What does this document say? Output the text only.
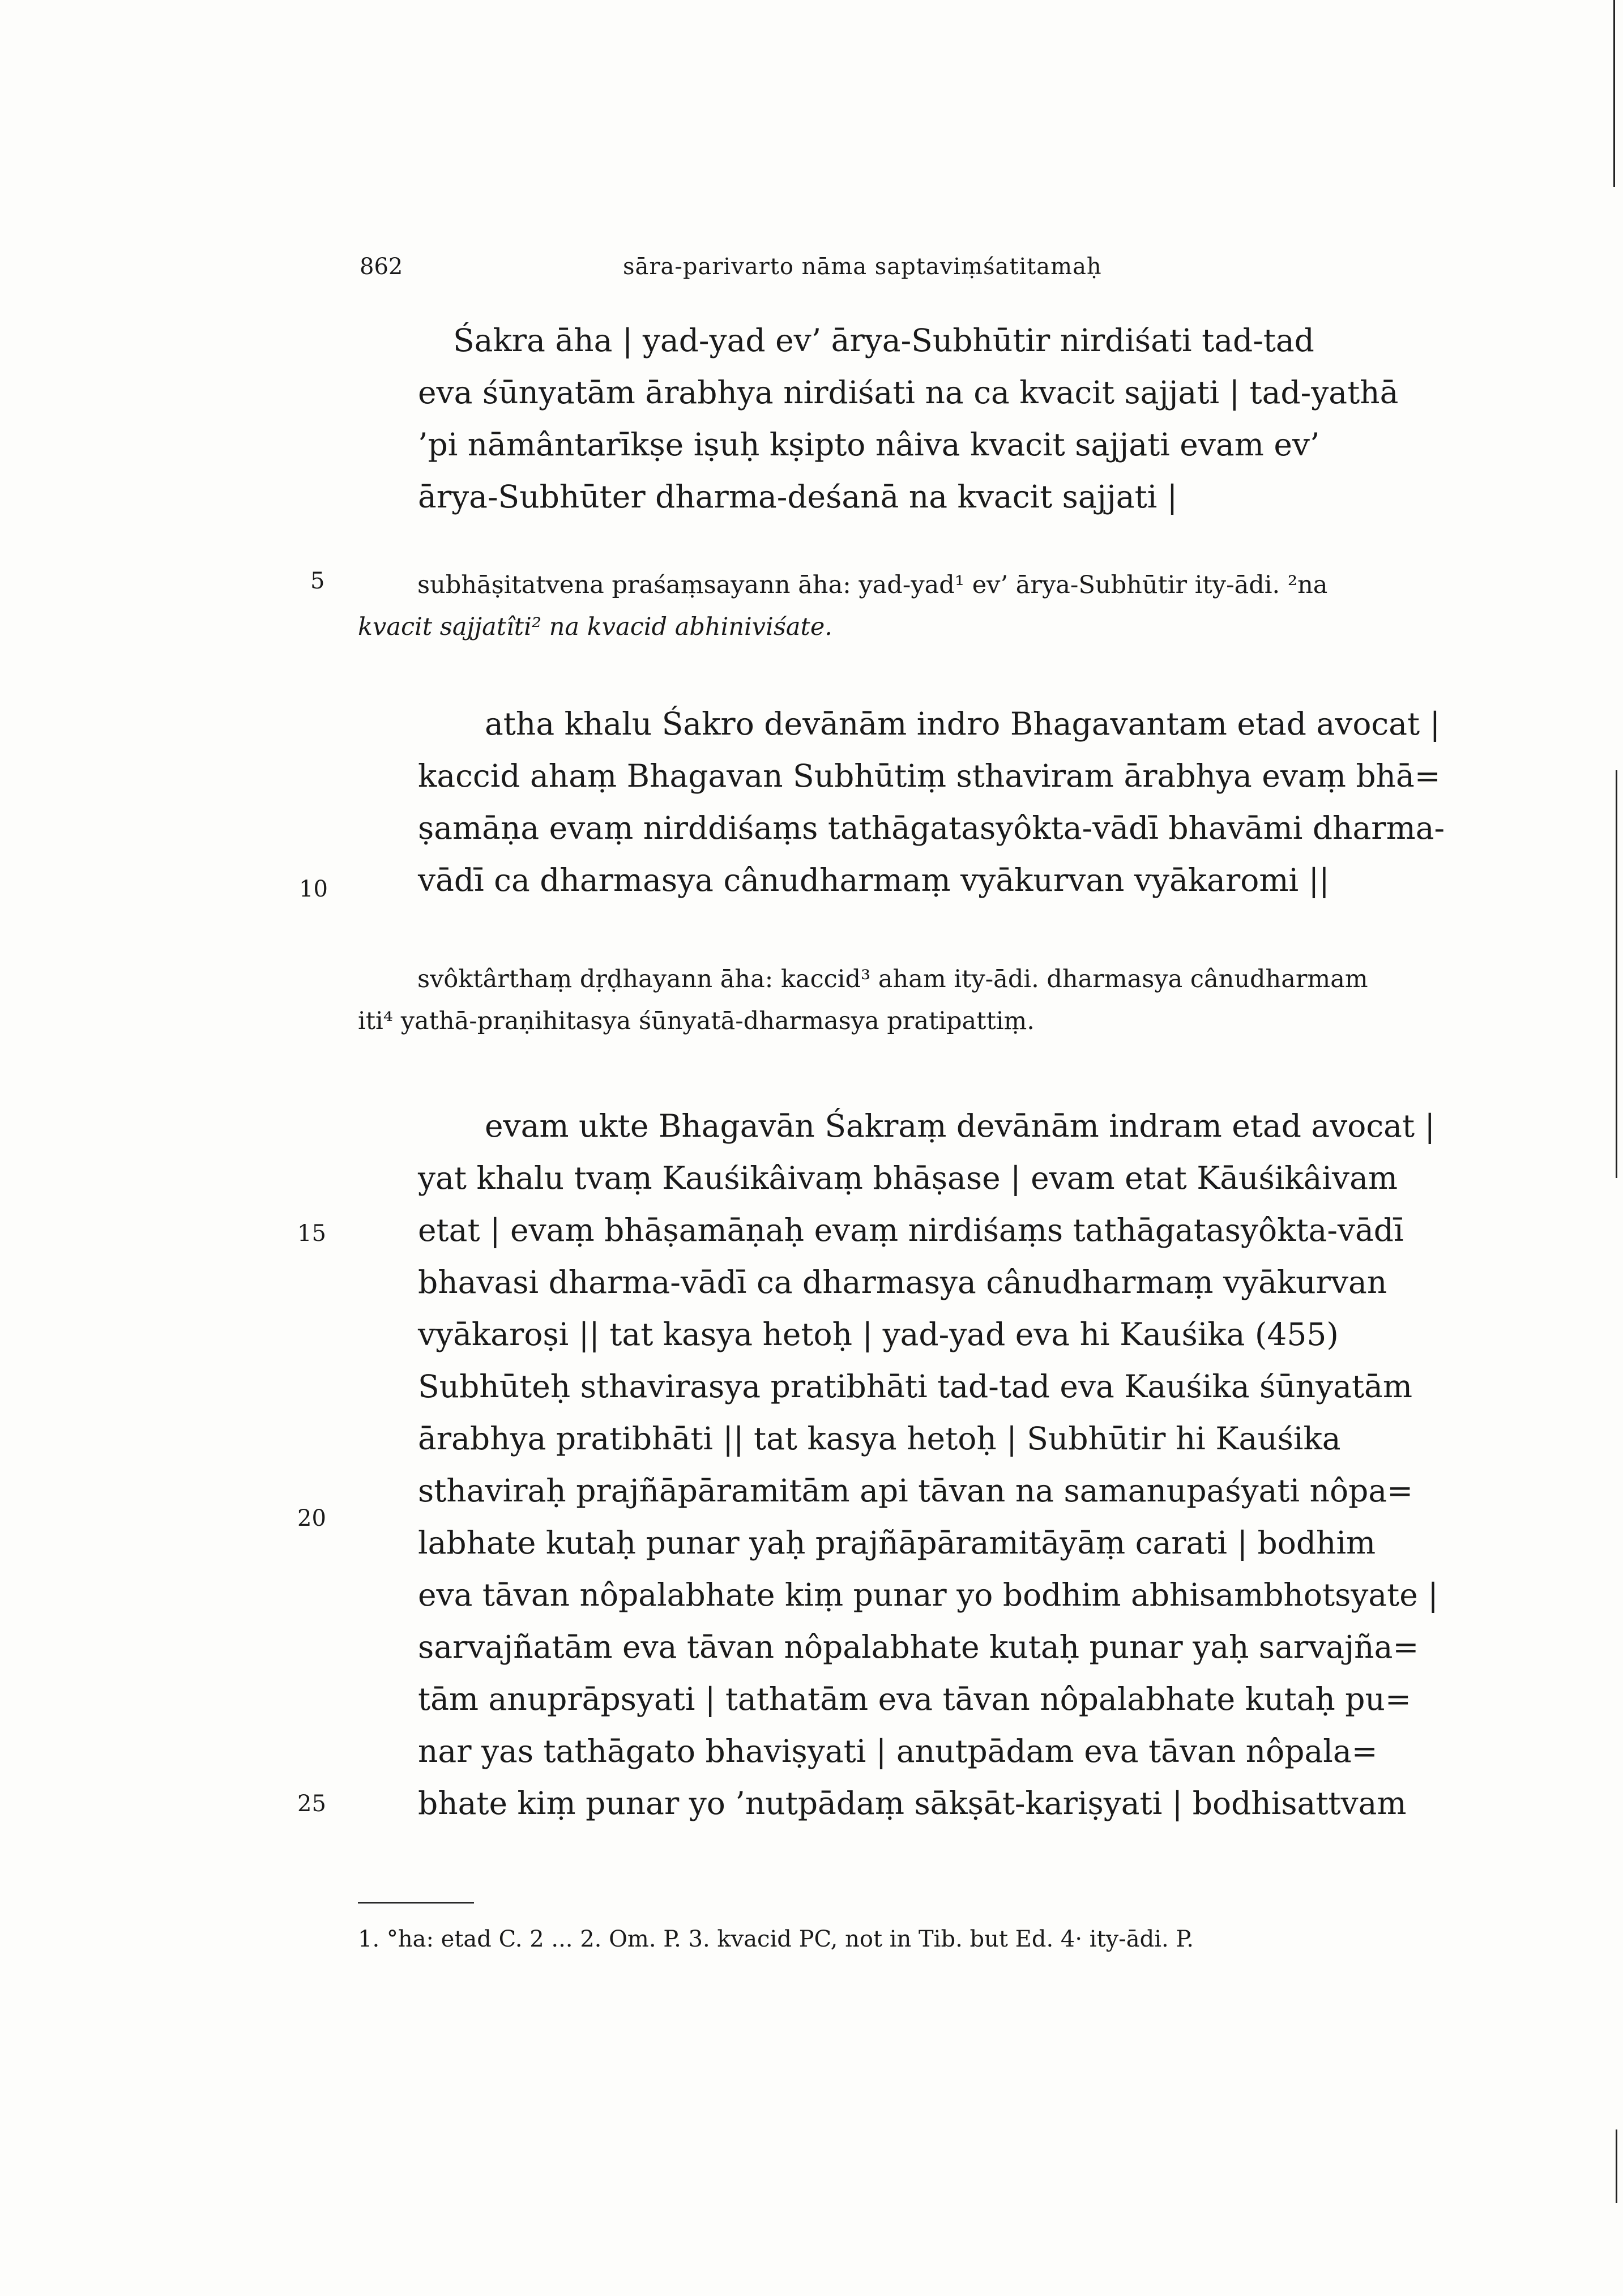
862	sāra-parivarto nāma saptaviṃśatitamaḥ
Śakra āha | yad-yad ev’ ārya-Subhūtir nirdiśati tad-tad
eva śūnyatām ārabhya nirdiśati na ca kvacit sajjati | tad-yathā
’pi nāmântarīkṣe iṣuḥ kṣipto nâiva kvacit sajjati evam ev’
ārya-Subhūter dharma-deśanā na kvacit sajjati |
5	subhāṣitatvena praśaṃsayann āha: yad-yad¹ ev’ ārya-Subhūtir ity-ādi. ²na
kvacit sajjatîti² na kvacid abhiniviśate.
atha khalu Śakro devānām indro Bhagavantam etad avocat |
kaccid ahaṃ Bhagavan Subhūtiṃ sthaviram ārabhya evaṃ bhā=
ṣamāṇa evaṃ nirddiśaṃs tathāgatasyôkta-vādī bhavāmi dharma-
vādī ca dharmasya cânudharmaṃ vyākurvan vyākaromi ||
10
svôktârthaṃ dṛḍhayann āha: kaccid³ aham ity-ādi. dharmasya cânudharmam
iti⁴ yathā-praṇihitasya śūnyatā-dharmasya pratipattiṃ.
evam ukte Bhagavān Śakraṃ devānām indram etad avocat |
yat khalu tvaṃ Kauśikâivaṃ bhāṣase | evam etat Kāuśikâivam
etat | evaṃ bhāṣamāṇaḥ evaṃ nirdiśaṃs tathāgatasyôkta-vādī
bhavasi dharma-vādī ca dharmasya cânudharmaṃ vyākurvan
vyākaroṣi || tat kasya hetoḥ | yad-yad eva hi Kauśika (455)
Subhūteḥ sthavirasya pratibhāti tad-tad eva Kauśika śūnyatām
ārabhya pratibhāti || tat kasya hetoḥ | Subhūtir hi Kauśika
sthaviraḥ prajñāpāramitām api tāvan na samanupaśyati nôpa=
labhate kutaḥ punar yaḥ prajñāpāramitāyāṃ carati | bodhim
eva tāvan nôpalabhate kiṃ punar yo bodhim abhisambhotsyate |
sarvajñatām eva tāvan nôpalabhate kutaḥ punar yaḥ sarvajña=
tām anuprāpsyati | tathatām eva tāvan nôpalabhate kutaḥ pu=
nar yas tathāgato bhaviṣyati | anutpādam eva tāvan nôpala=
bhate kiṃ punar yo ’nutpādaṃ sākṣāt-kariṣyati | bodhisattvam
15
20
25
1. °ha: etad C. 2 ... 2. Om. P. 3. kvacid PC, not in Tib. but Ed. 4· ity-ādi. P.
